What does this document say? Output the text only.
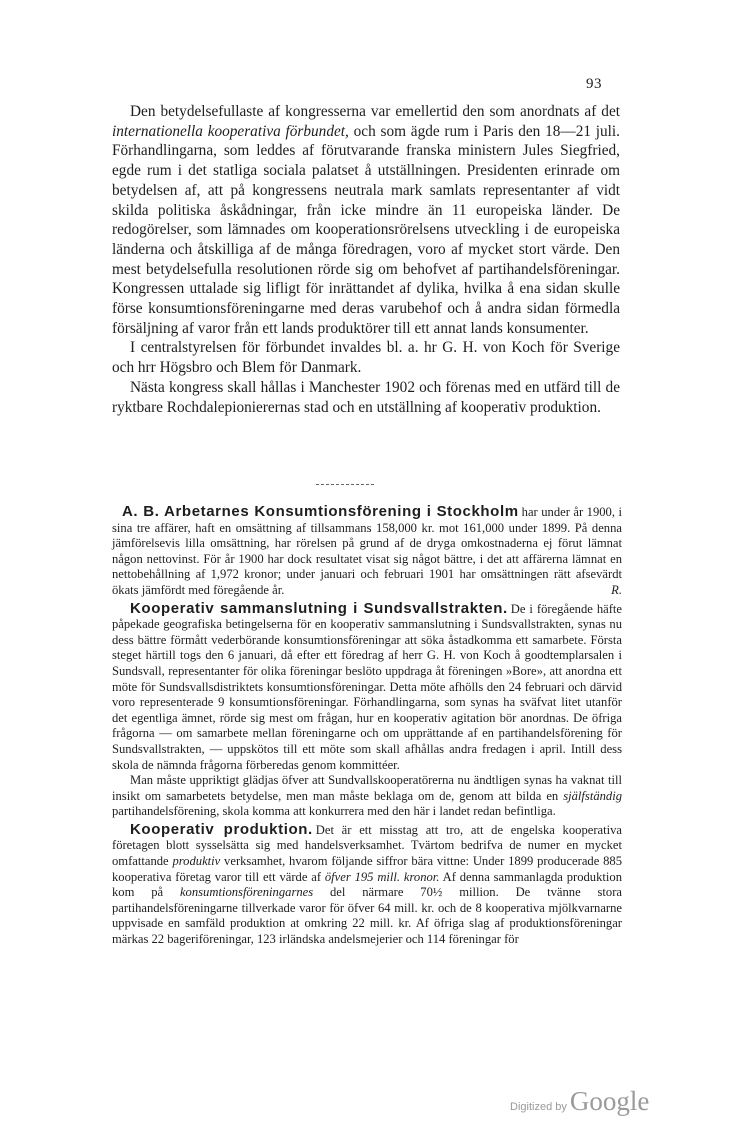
93

Den betydelsefullaste af kongresserna var emellertid den som anordnats af det internationella kooperativa förbundet, och som ägde rum i Paris den 18—21 juli. Förhandlingarna, som leddes af förutvarande franska ministern Jules Siegfried, egde rum i det statliga sociala palatset å utställningen. Presidenten erinrade om betydelsen af, att på kongressens neutrala mark samlats representanter af vidt skilda politiska åskådningar, från icke mindre än 11 europeiska länder. De redogörelser, som lämnades om kooperationsrörelsens utveckling i de europeiska länderna och åtskilliga af de många föredragen, voro af mycket stort värde. Den mest betydelsefulla resolutionen rörde sig om behofvet af partihandelsföreningar. Kongressen uttalade sig lifligt för inrättandet af dylika, hvilka å ena sidan skulle förse konsumtionsföreningarne med deras varubehof och å andra sidan förmedla försäljning af varor från ett lands produktörer till ett annat lands konsumenter.

I centralstyrelsen för förbundet invaldes bl. a. hr G. H. von Koch för Sverige och hrr Högsbro och Blem för Danmark.

Nästa kongress skall hållas i Manchester 1902 och förenas med en utfärd till de ryktbare Rochdalepionierernas stad och en utställning af kooperativ produktion.

A. B. Arbetarnes Konsumtionsförening i Stockholm har under år 1900, i sina tre affärer, haft en omsättning af tillsammans 158,000 kr. mot 161,000 under 1899. På denna jämförelsevis lilla omsättning, har rörelsen på grund af de dryga omkostnaderna ej förut lämnat någon nettovinst. För år 1900 har dock resultatet visat sig något bättre, i det att affärerna lämnat en nettobehållning af 1,972 kronor; under januari och februari 1901 har omsättningen rätt afsevärdt ökats jämfördt med föregående år.	R.

Kooperativ sammanslutning i Sundsvallstrakten. De i föregående häfte påpekade geografiska betingelserna för en kooperativ sammanslutning i Sundsvallstrakten, synas nu dess bättre förmått vederbörande konsumtionsföreningar att söka åstadkomma ett samarbete. Första steget härtill togs den 6 januari, då efter ett föredrag af herr G. H. von Koch å goodtemplarsalen i Sundsvall, representanter för olika föreningar beslöto uppdraga åt föreningen »Bore», att anordna ett möte för Sundsvallsdistriktets konsumtionsföreningar. Detta möte afhölls den 24 februari och därvid voro representerade 9 konsumtionsföreningar. Förhandlingarna, som synas ha sväfvat litet utanför det egentliga ämnet, rörde sig mest om frågan, hur en kooperativ agitation bör anordnas. De öfriga frågorna — om samarbete mellan föreningarne och om upprättande af en partihandelsförening för Sundsvallstrakten, — uppskötos till ett möte som skall afhållas andra fredagen i april. Intill dess skola de nämnda frågorna förberedas genom kommittéer.

Man måste uppriktigt glädjas öfver att Sundvallskooperatörerna nu ändtligen synas ha vaknat till insikt om samarbetets betydelse, men man måste beklaga om de, genom att bilda en själfständig partihandelsförening, skola komma att konkurrera med den här i landet redan befintliga.

Kooperativ produktion. Det är ett misstag att tro, att de engelska kooperativa företagen blott sysselsätta sig med handelsverksamhet. Tvärtom bedrifva de numer en mycket omfattande produktiv verksamhet, hvarom följande siffror bära vittne: Under 1899 producerade 885 kooperativa företag varor till ett värde af öfver 195 mill. kronor. Af denna sammanlagda produktion kom på konsumtionsföreningarnes del närmare 70½ million. De tvänne stora partihandelsföreningarne tillverkade varor för öfver 64 mill. kr. och de 8 kooperativa mjölkvarnarne uppvisade en samfäld produktion at omkring 22 mill. kr. Af öfriga slag af produktionsföreningar märkas 22 bageriföreningar, 123 irländska andelsmejerier och 114 föreningar för

Digitized by Google
